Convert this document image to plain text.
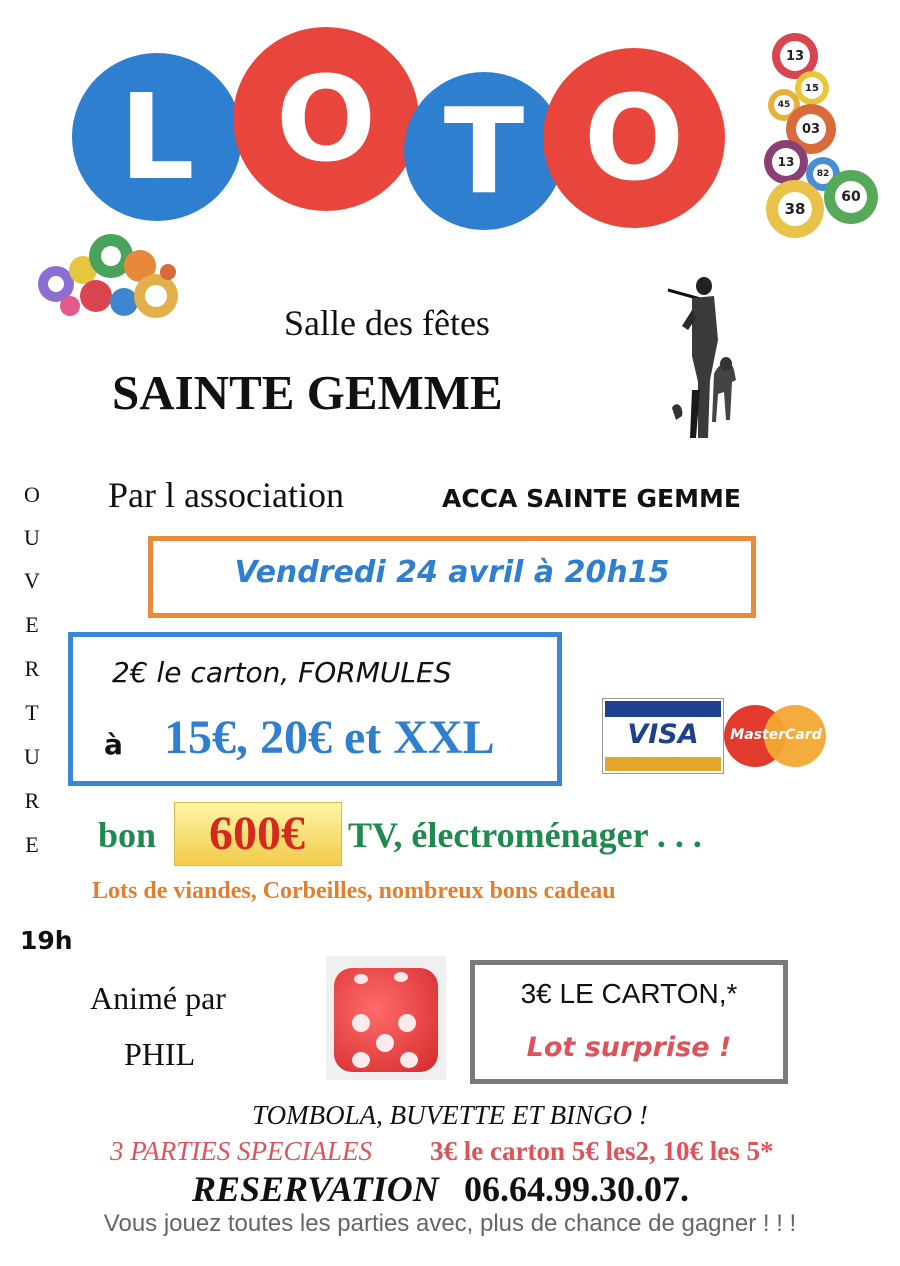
L O T O
13
15
45
03
13
82
38
60
Salle des fêtes
SAINTE GEMME
O
U
V
E
R
T
U
R
E
19h
Par l association	ACCA SAINTE GEMME
Vendredi 24 avril à 20h15
2€ le carton, FORMULES
à 15€, 20€ et XXL	VISA	MasterCard
bon	600€	TV, électroménager . . .
Lots de viandes, Corbeilles, nombreux bons cadeau
Animé par
PHIL
3€ LE CARTON,*
Lot surprise !
TOMBOLA, BUVETTE ET BINGO !
3 PARTIES SPECIALES 3€ le carton 5€ les2, 10€ les 5*
RESERVATION 06.64.99.30.07.
Vous jouez toutes les parties avec, plus de chance de gagner ! ! !
